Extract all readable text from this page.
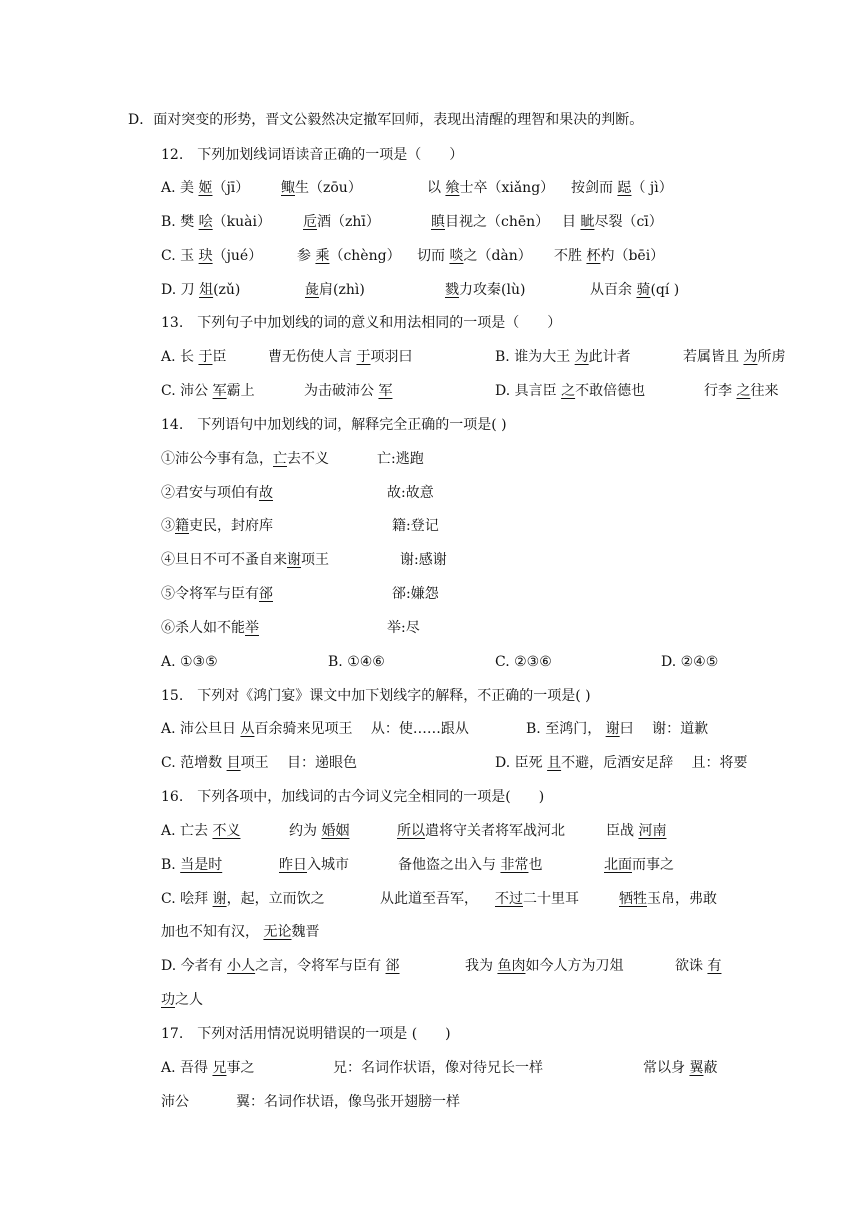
D．面对突变的形势，晋文公毅然决定撤军回师，表现出清醒的理智和果决的判断。
12.　下列加划线词语读音正确的一项是（　　）
A. 美 姬（jī） 鲰生（zōu）	以 飨士卒（xiǎng） 按剑而 跽（ jì）
B. 樊 哙（kuài） 卮酒（zhī）	瞋目视之（chēn） 目 眦尽裂（cī）
C. 玉 玦（jué） 参 乘（chèng） 切而 啖之（dàn） 不胜 杯杓（bēi）
D. 刀 俎(zǔ)	彘肩(zhì)	戮力攻秦(lù)	从百余 骑(qí )
13.　下列句子中加划线的词的意义和用法相同的一项是（　　）
A. 长 于臣	曹无伤使人言 于项羽曰	B. 谁为大王 为此计者	若属皆且 为所虏
C. 沛公 军霸上	为击破沛公 军	D. 具言臣 之不敢倍德也	行李 之往来
14.　下列语句中加划线的词，解释完全正确的一项是( )
①沛公今事有急，亡去不义	亡:逃跑
②君安与项伯有故	故:故意
③籍吏民，封府库	籍:登记
④旦日不可不蚤自来谢项王	谢:感谢
⑤令将军与臣有郤	郤:嫌怨
⑥杀人如不能举	举:尽
A. ①③⑤	B. ①④⑥	C. ②③⑥	D. ②④⑤
15.　下列对《鸿门宴》课文中加下划线字的解释，不正确的一项是( )
A. 沛公旦日 从百余骑来见项王　 从：使……跟从	B. 至鸿门， 谢曰　 谢：道歉
C. 范增数 目项王　 目：递眼色	D. 臣死 且不避，卮酒安足辞　 且：将要
16.　下列各项中，加线词的古今词义完全相同的一项是(　　)
A. 亡去 不义	约为 婚姻	所以遣将守关者将军战河北	臣战 河南
B. 当是时	昨日入城市	备他盗之出入与 非常也	北面而事之
C. 哙拜 谢，起，立而饮之	从此道至吾军， 不过二十里耳	牺牲玉帛，弗敢
加也不知有汉， 无论魏晋
D. 今者有 小人之言，令将军与臣有 郤	我为 鱼肉如今人方为刀俎	欲诛 有
功之人
17.　下列对活用情况说明错误的一项是 (　　)
A. 吾得 兄事之	兄：名词作状语，像对待兄长一样	常以身 翼蔽
沛公	翼：名词作状语，像鸟张开翅膀一样
